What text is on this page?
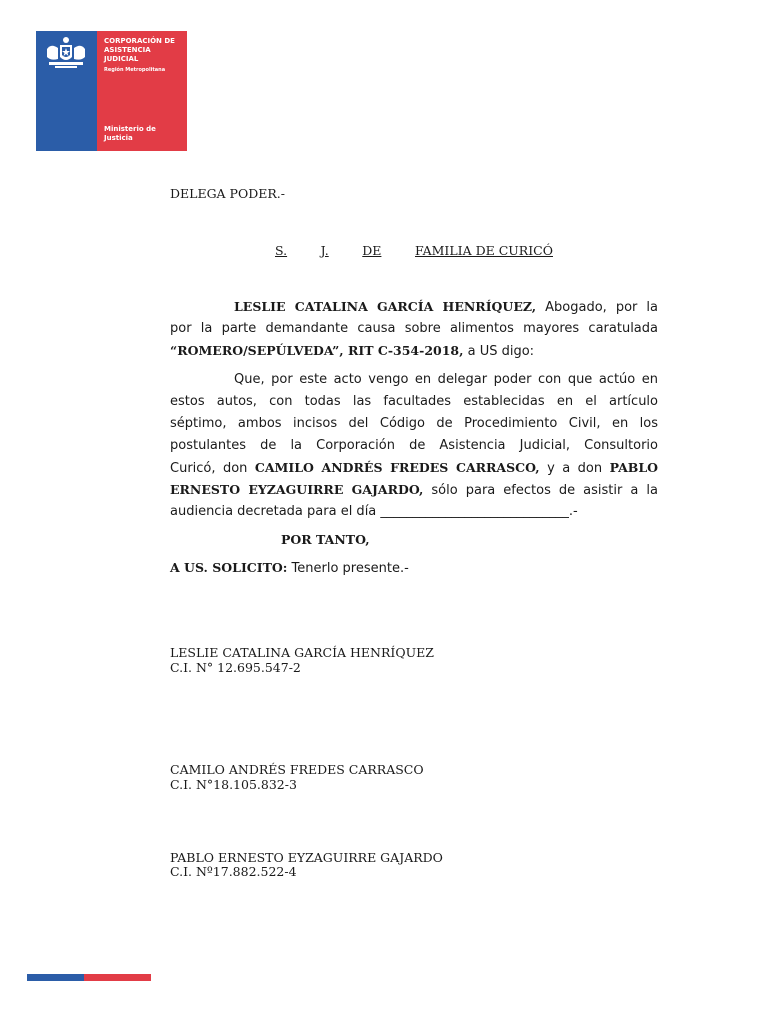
CORPORACIÓN DE
ASISTENCIA
JUDICIAL
Región Metropolitana
Ministerio de
Justicia
DELEGA PODER.-
S.	J.	DE	FAMILIA DE CURICÓ
LESLIE CATALINA GARCÍA HENRÍQUEZ, Abogado, por la
por la parte demandante causa sobre alimentos mayores caratulada
“ROMERO/SEPÚLVEDA”, RIT C-354-2018, a US digo:
Que, por este acto vengo en delegar poder con que actúo en
estos autos, con todas las facultades establecidas en el artículo
séptimo, ambos incisos del Código de Procedimiento Civil, en los
postulantes de la Corporación de Asistencia Judicial, Consultorio
Curicó, don CAMILO ANDRÉS FREDES CARRASCO, y a don PABLO
ERNESTO EYZAGUIRRE GAJARDO, sólo para efectos de asistir a la
audiencia decretada para el día _____________________________.-
POR TANTO,
A US. SOLICITO: Tenerlo presente.-
LESLIE CATALINA GARCÍA HENRÍQUEZ
C.I. N° 12.695.547-2
CAMILO ANDRÉS FREDES CARRASCO
C.I. N°18.105.832-3
PABLO ERNESTO EYZAGUIRRE GAJARDO
C.I. Nº17.882.522-4
